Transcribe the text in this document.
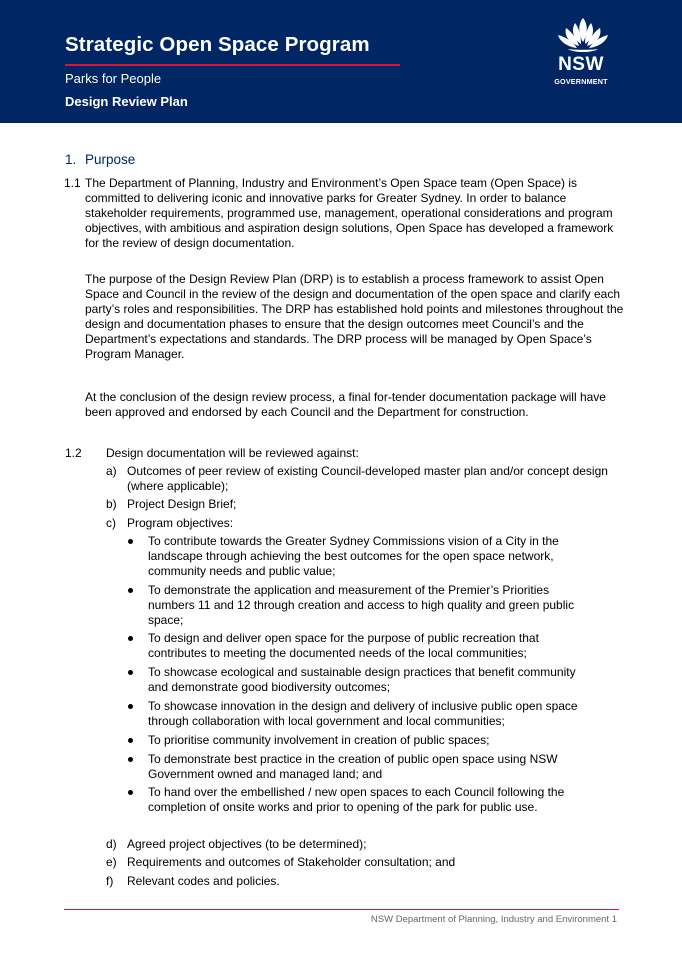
Strategic Open Space Program
Parks for People
Design Review Plan
NSW
GOVERNMENT
1. Purpose
1.1 The Department of Planning, Industry and Environment’s Open Space team (Open Space) is committed to delivering iconic and innovative parks for Greater Sydney. In order to balance stakeholder requirements, programmed use, management, operational considerations and program objectives, with ambitious and aspiration design solutions, Open Space has developed a framework for the review of design documentation.

The purpose of the Design Review Plan (DRP) is to establish a process framework to assist Open Space and Council in the review of the design and documentation of the open space and clarify each party’s roles and responsibilities. The DRP has established hold points and milestones throughout the design and documentation phases to ensure that the design outcomes meet Council’s and the Department’s expectations and standards. The DRP process will be managed by Open Space’s Program Manager.

At the conclusion of the design review process, a final for-tender documentation package will have been approved and endorsed by each Council and the Department for construction.

1.2 Design documentation will be reviewed against:
a) Outcomes of peer review of existing Council-developed master plan and/or concept design (where applicable);
b) Project Design Brief;
c) Program objectives:
To contribute towards the Greater Sydney Commissions vision of a City in the landscape through achieving the best outcomes for the open space network, community needs and public value;
To demonstrate the application and measurement of the Premier’s Priorities numbers 11 and 12 through creation and access to high quality and green public space;
To design and deliver open space for the purpose of public recreation that contributes to meeting the documented needs of the local communities;
To showcase ecological and sustainable design practices that benefit community and demonstrate good biodiversity outcomes;
To showcase innovation in the design and delivery of inclusive public open space through collaboration with local government and local communities;
To prioritise community involvement in creation of public spaces;
To demonstrate best practice in the creation of public open space using NSW Government owned and managed land; and
To hand over the embellished / new open spaces to each Council following the completion of onsite works and prior to opening of the park for public use.
d) Agreed project objectives (to be determined);
e) Requirements and outcomes of Stakeholder consultation; and
f) Relevant codes and policies.
NSW Department of Planning, Industry and Environment 1
